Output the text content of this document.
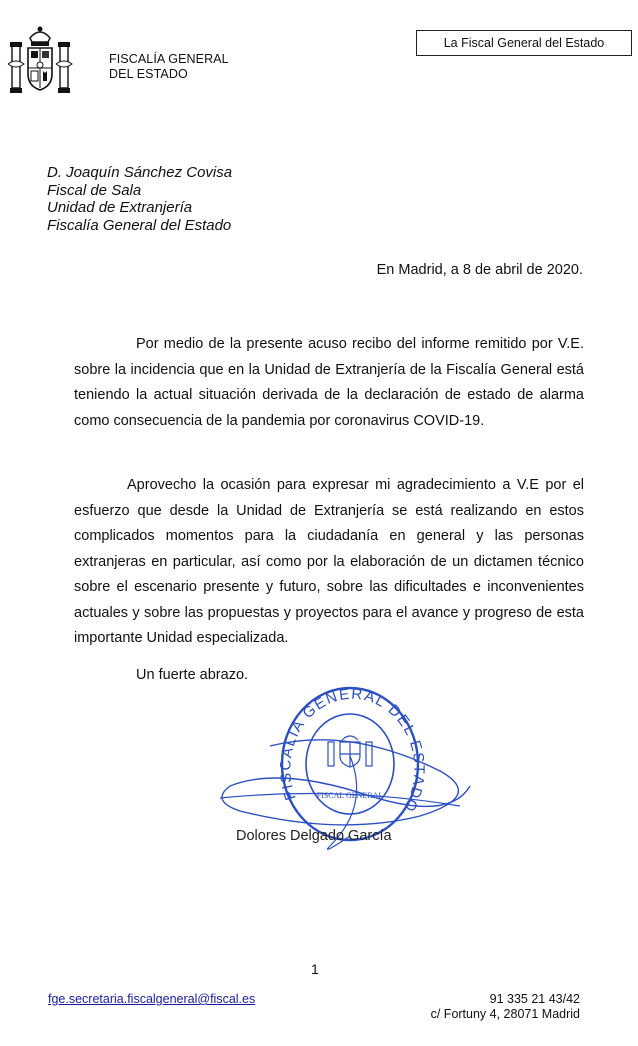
FISCALÍA GENERAL
DEL ESTADO
La Fiscal General del Estado
D. Joaquín Sánchez Covisa
Fiscal de Sala
Unidad de Extranjería
Fiscalía General del Estado
En Madrid, a 8 de abril de 2020.
Por medio de la presente acuso recibo del informe remitido por V.E. sobre la incidencia que en la Unidad de Extranjería de la Fiscalía General está teniendo la actual situación derivada de la declaración de estado de alarma como consecuencia de la pandemia por coronavirus COVID-19.
Aprovecho la ocasión para expresar mi agradecimiento a V.E por el esfuerzo que desde la Unidad de Extranjería se está realizando en estos complicados momentos para la ciudadanía en general y las personas extranjeras en particular, así como por la elaboración de un dictamen técnico sobre el escenario presente y futuro, sobre las dificultades e inconvenientes actuales y sobre las propuestas y proyectos para el avance y progreso de esta importante Unidad especializada.
Un fuerte abrazo.
FISCALIA GENERAL DEL ESTADO
FISCAL GENERAL
Dolores Delgado García
1
fge.secretaria.fiscalgeneral@fiscal.es	91 335 21 43/42
c/ Fortuny 4, 28071 Madrid
